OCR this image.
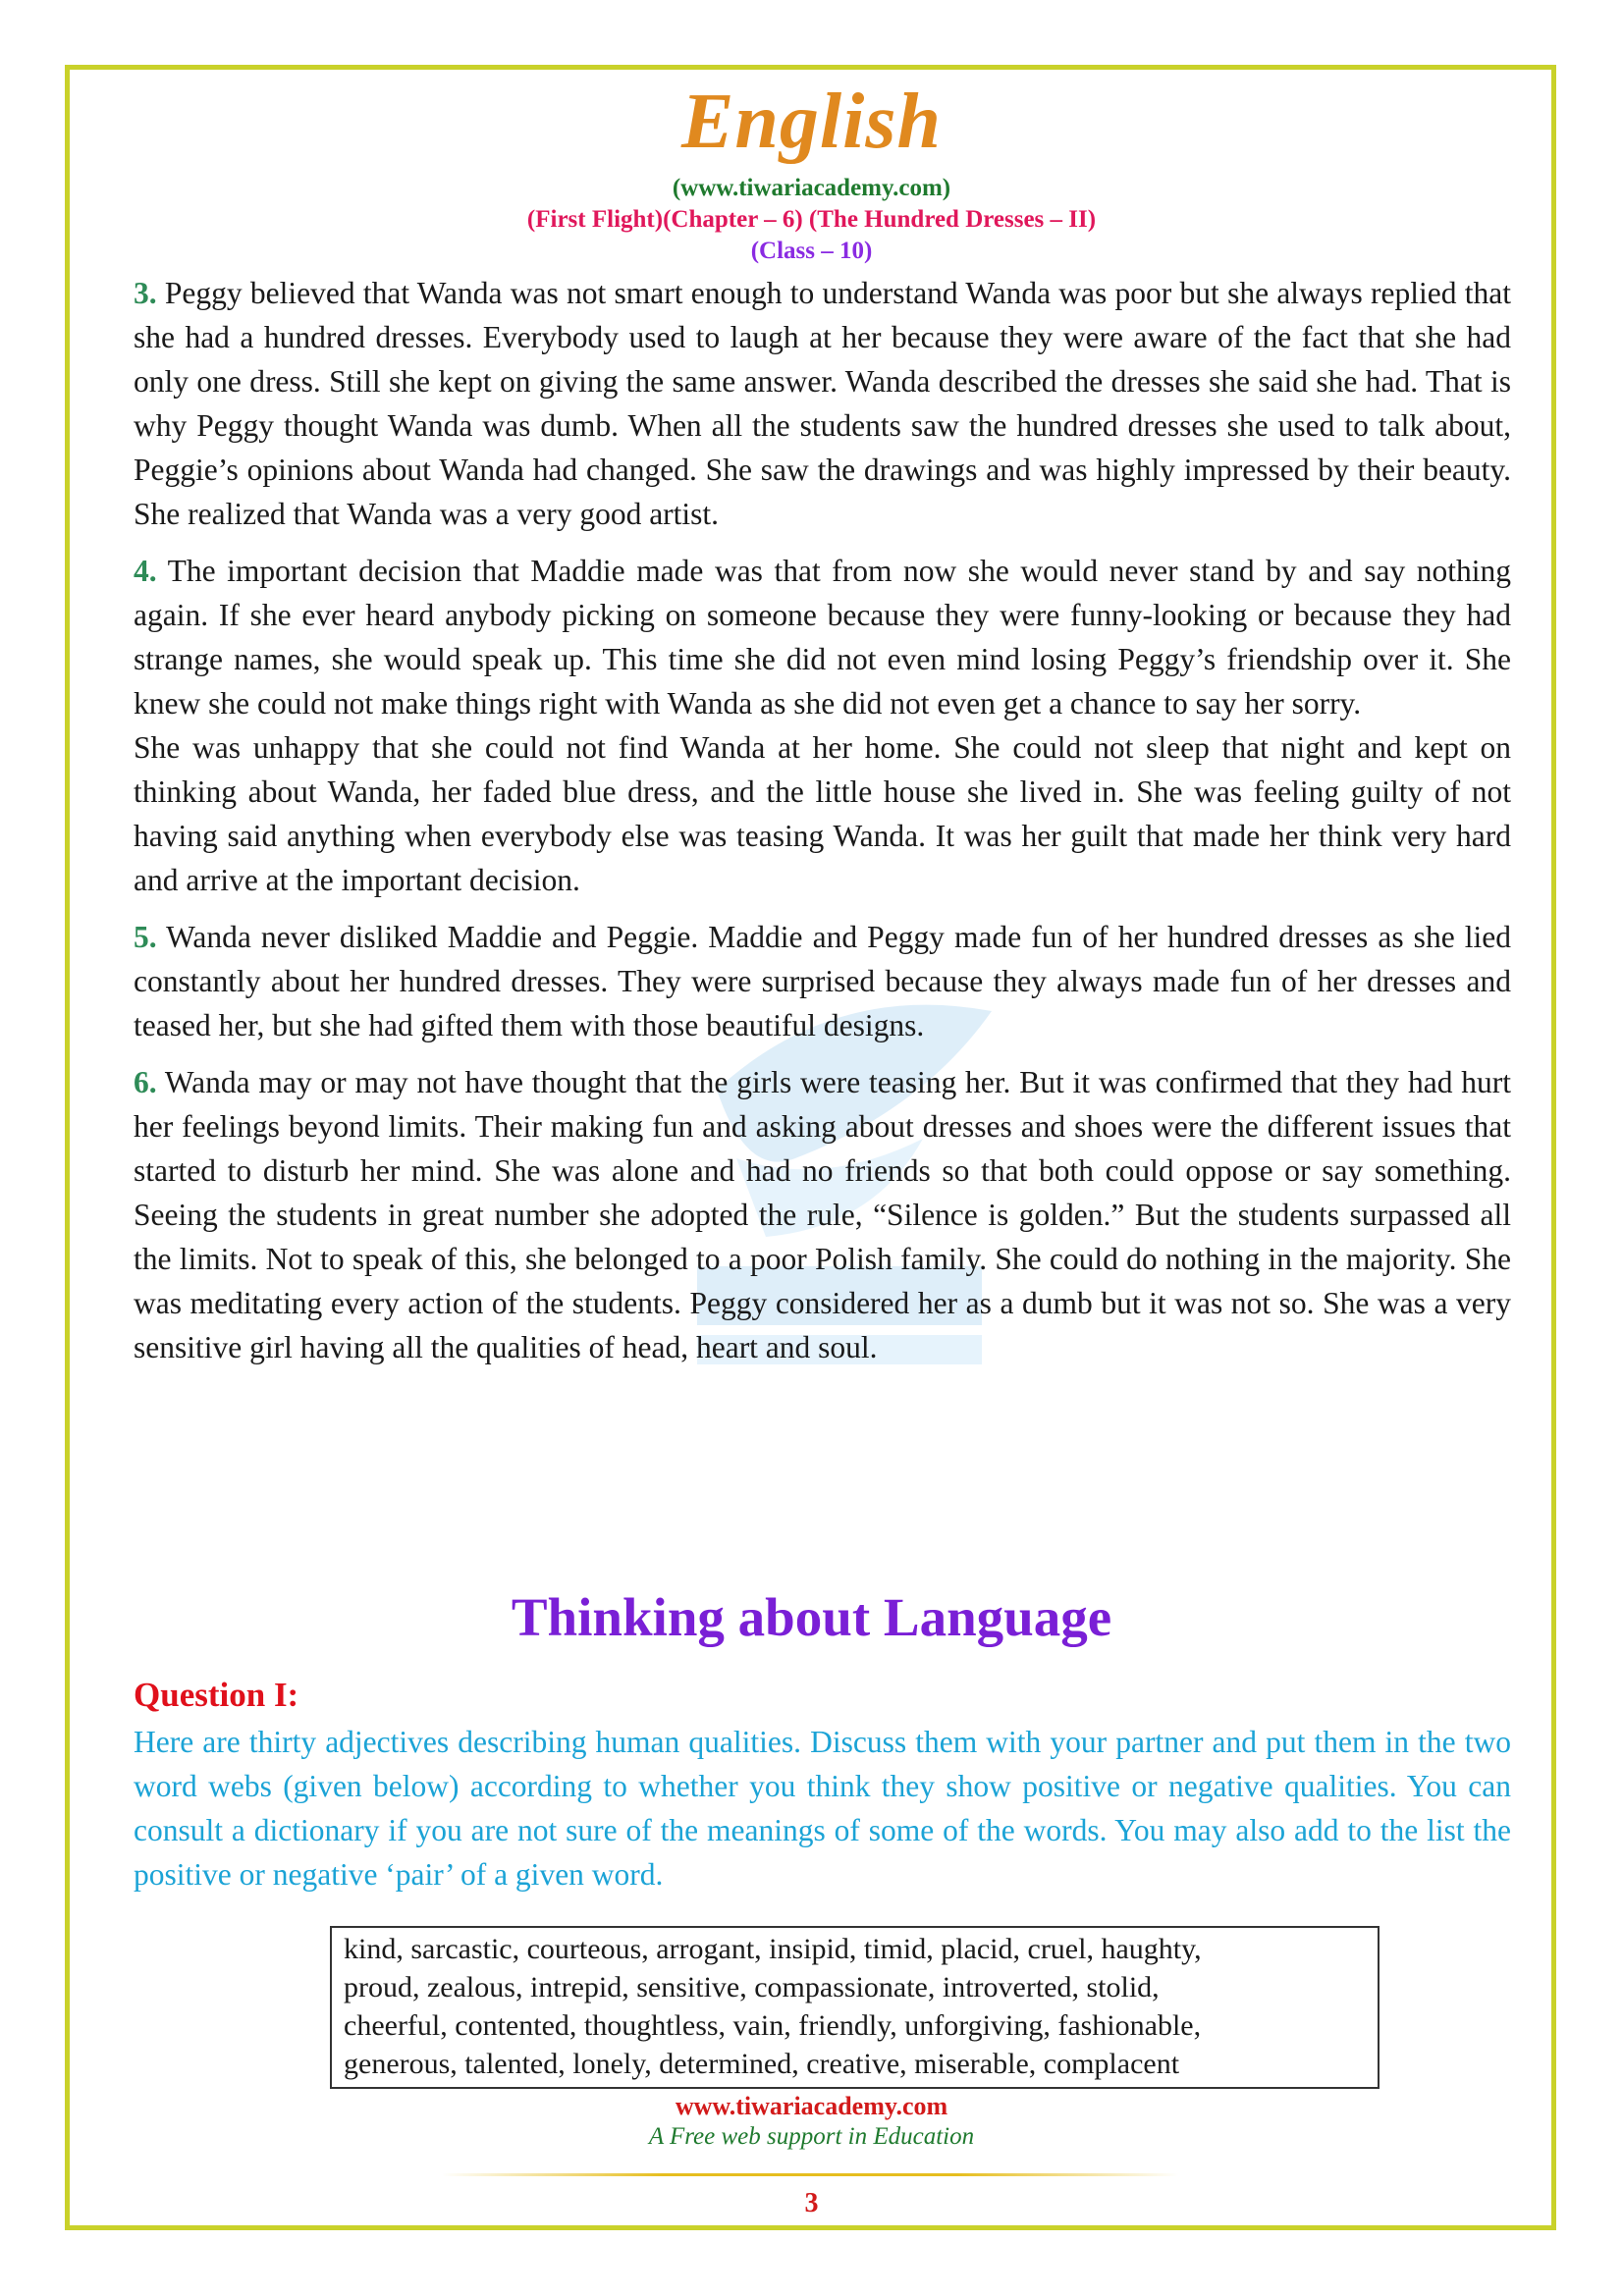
English
(www.tiwariacademy.com)
(First Flight)(Chapter – 6) (The Hundred Dresses – II)
(Class – 10)

3. Peggy believed that Wanda was not smart enough to understand Wanda was poor but she always replied that she had a hundred dresses. Everybody used to laugh at her because they were aware of the fact that she had only one dress. Still she kept on giving the same answer. Wanda described the dresses she said she had. That is why Peggy thought Wanda was dumb. When all the students saw the hundred dresses she used to talk about, Peggie’s opinions about Wanda had changed. She saw the drawings and was highly impressed by their beauty. She realized that Wanda was a very good artist.

4. The important decision that Maddie made was that from now she would never stand by and say nothing again. If she ever heard anybody picking on someone because they were funny-looking or because they had strange names, she would speak up. This time she did not even mind losing Peggy’s friendship over it. She knew she could not make things right with Wanda as she did not even get a chance to say her sorry.

She was unhappy that she could not find Wanda at her home. She could not sleep that night and kept on thinking about Wanda, her faded blue dress, and the little house she lived in. She was feeling guilty of not having said anything when everybody else was teasing Wanda. It was her guilt that made her think very hard and arrive at the important decision.

5. Wanda never disliked Maddie and Peggie. Maddie and Peggy made fun of her hundred dresses as she lied constantly about her hundred dresses. They were surprised because they always made fun of her dresses and teased her, but she had gifted them with those beautiful designs.

6. Wanda may or may not have thought that the girls were teasing her. But it was confirmed that they had hurt her feelings beyond limits. Their making fun and asking about dresses and shoes were the different issues that started to disturb her mind. She was alone and had no friends so that both could oppose or say something. Seeing the students in great number she adopted the rule, “Silence is golden.” But the students surpassed all the limits. Not to speak of this, she belonged to a poor Polish family. She could do nothing in the majority. She was meditating every action of the students. Peggy considered her as a dumb but it was not so. She was a very sensitive girl having all the qualities of head, heart and soul.

Thinking about Language
Question I:
Here are thirty adjectives describing human qualities. Discuss them with your partner and put them in the two word webs (given below) according to whether you think they show positive or negative qualities. You can consult a dictionary if you are not sure of the meanings of some of the words. You may also add to the list the positive or negative ‘pair’ of a given word.
kind, sarcastic, courteous, arrogant, insipid, timid, placid, cruel, haughty,
proud, zealous, intrepid, sensitive, compassionate, introverted, stolid,
cheerful, contented, thoughtless, vain, friendly, unforgiving, fashionable,
generous, talented, lonely, determined, creative, miserable, complacent
www.tiwariacademy.com
A Free web support in Education
3
